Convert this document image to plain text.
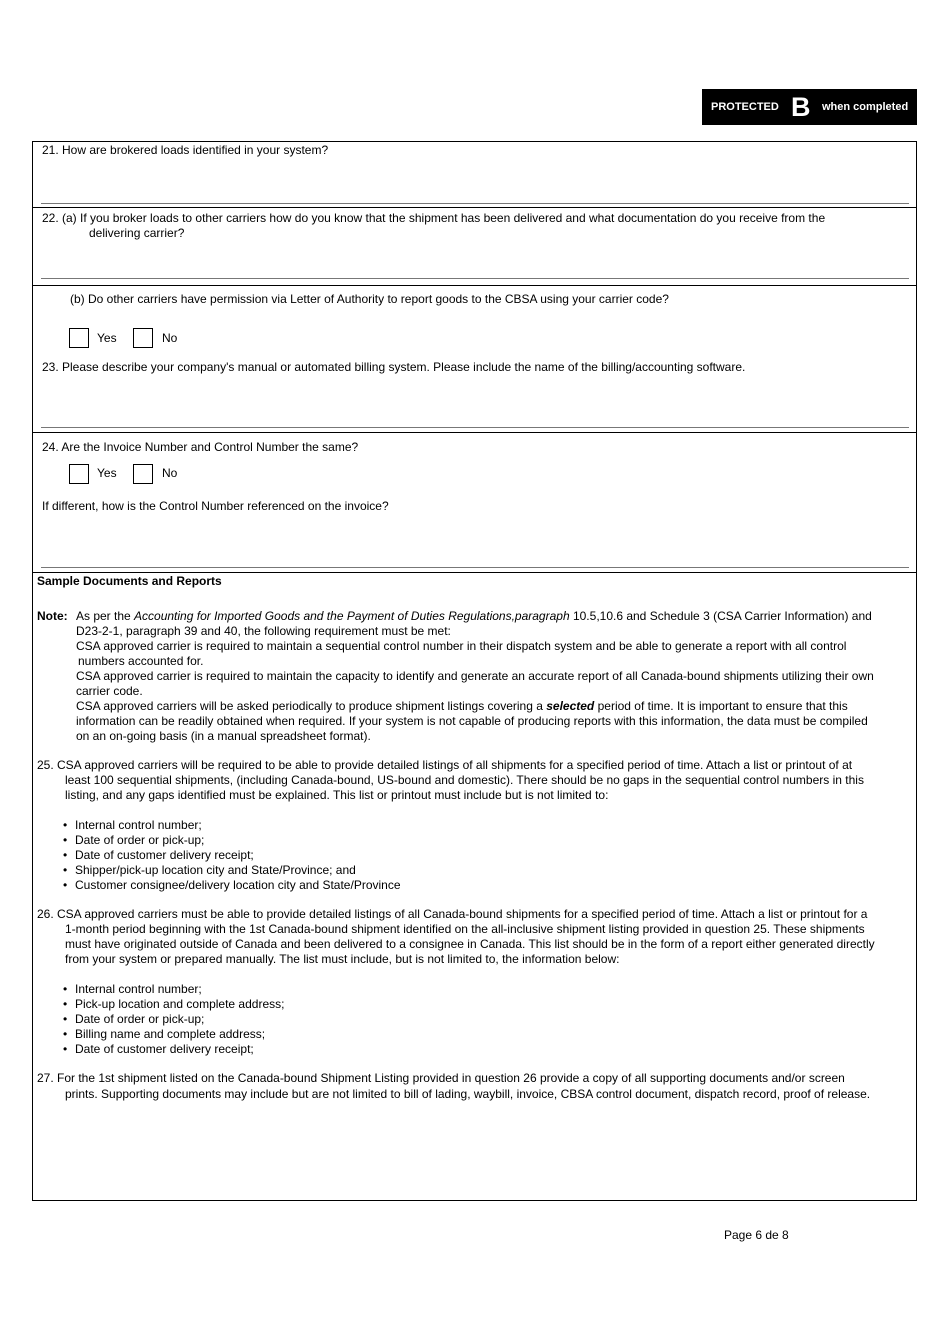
PROTECTED B when completed
21. How are brokered loads identified in your system?
22. (a) If you broker loads to other carriers how do you know that the shipment has been delivered and what documentation do you receive from the
delivering carrier?
(b) Do other carriers have permission via Letter of Authority to report goods to the CBSA using your carrier code?
Yes	No
23. Please describe your company's manual or automated billing system. Please include the name of the billing/accounting software.
24. Are the Invoice Number and Control Number the same?
Yes	No
If different, how is the Control Number referenced on the invoice?
Sample Documents and Reports
Note: As per the Accounting for Imported Goods and the Payment of Duties Regulations,paragraph 10.5,10.6 and Schedule 3 (CSA Carrier Information) and
D23-2-1, paragraph 39 and 40, the following requirement must be met:
CSA approved carrier is required to maintain a sequential control number in their dispatch system and be able to generate a report with all control
numbers accounted for.
CSA approved carrier is required to maintain the capacity to identify and generate an accurate report of all Canada-bound shipments utilizing their own
carrier code.
CSA approved carriers will be asked periodically to produce shipment listings covering a selected period of time. It is important to ensure that this
information can be readily obtained when required. If your system is not capable of producing reports with this information, the data must be compiled
on an on-going basis (in a manual spreadsheet format).
25. CSA approved carriers will be required to be able to provide detailed listings of all shipments for a specified period of time. Attach a list or printout of at
least 100 sequential shipments, (including Canada-bound, US-bound and domestic). There should be no gaps in the sequential control numbers in this
listing, and any gaps identified must be explained. This list or printout must include but is not limited to:
• Internal control number;
• Date of order or pick-up;
• Date of customer delivery receipt;
• Shipper/pick-up location city and State/Province; and
• Customer consignee/delivery location city and State/Province
26. CSA approved carriers must be able to provide detailed listings of all Canada-bound shipments for a specified period of time. Attach a list or printout for a
1-month period beginning with the 1st Canada-bound shipment identified on the all-inclusive shipment listing provided in question 25. These shipments
must have originated outside of Canada and been delivered to a consignee in Canada. This list should be in the form of a report either generated directly
from your system or prepared manually. The list must include, but is not limited to, the information below:
• Internal control number;
• Pick-up location and complete address;
• Date of order or pick-up;
• Billing name and complete address;
• Date of customer delivery receipt;
27. For the 1st shipment listed on the Canada-bound Shipment Listing provided in question 26 provide a copy of all supporting documents and/or screen
prints. Supporting documents may include but are not limited to bill of lading, waybill, invoice, CBSA control document, dispatch record, proof of release.
Page 6 de 8
